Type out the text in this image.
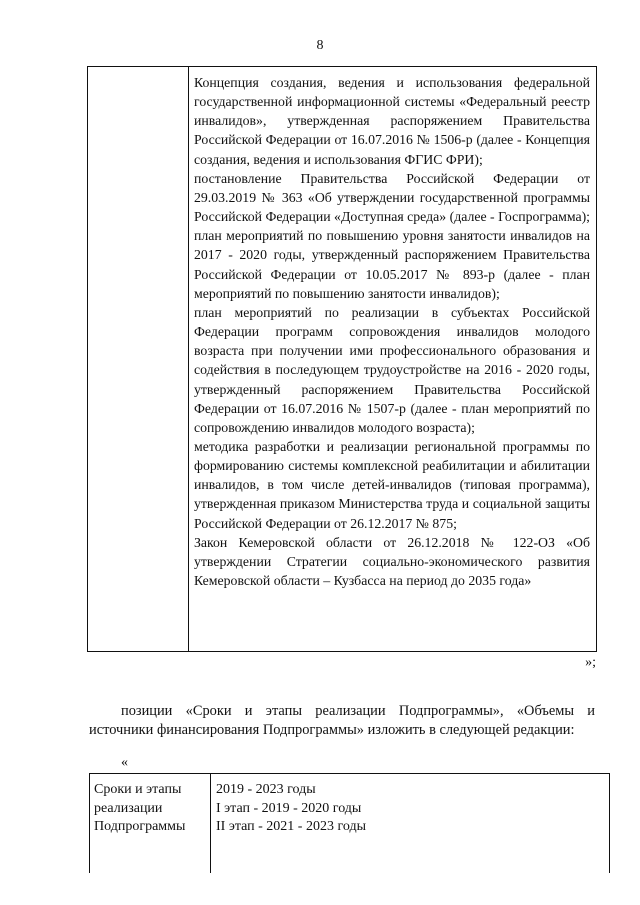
8

Концепция создания, ведения и использования федеральной государственной информационной системы «Федеральный реестр инвалидов», утвержденная распоряжением Правительства Российской Федерации от 16.07.2016 № 1506-р (далее - Концепция создания, ведения и использования ФГИС ФРИ);

постановление Правительства Российской Федерации от 29.03.2019 № 363 «Об утверждении государственной программы Российской Федерации «Доступная среда» (далее - Госпрограмма);

план мероприятий по повышению уровня занятости инвалидов на 2017 - 2020 годы, утвержденный распоряжением Правительства Российской Федерации от 10.05.2017 № 893-р (далее - план мероприятий по повышению занятости инвалидов);

план мероприятий по реализации в субъектах Российской Федерации программ сопровождения инвалидов молодого возраста при получении ими профессионального образования и содействия в последующем трудоустройстве на 2016 - 2020 годы, утвержденный распоряжением Правительства Российской Федерации от 16.07.2016 № 1507-р (далее - план мероприятий по сопровождению инвалидов молодого возраста);

методика разработки и реализации региональной программы по формированию системы комплексной реабилитации и абилитации инвалидов, в том числе детей-инвалидов (типовая программа), утвержденная приказом Министерства труда и социальной защиты Российской Федерации от 26.12.2017 № 875;

Закон Кемеровской области от 26.12.2018 № 122-ОЗ «Об утверждении Стратегии социально-экономического развития Кемеровской области – Кузбасса на период до 2035 года»

»;

позиции «Сроки и этапы реализации Подпрограммы», «Объемы и источники финансирования Подпрограммы» изложить в следующей редакции:

«
Сроки и этапы
реализации
Подпрограммы
2019 - 2023 годы
I этап - 2019 - 2020 годы
II этап - 2021 - 2023 годы
